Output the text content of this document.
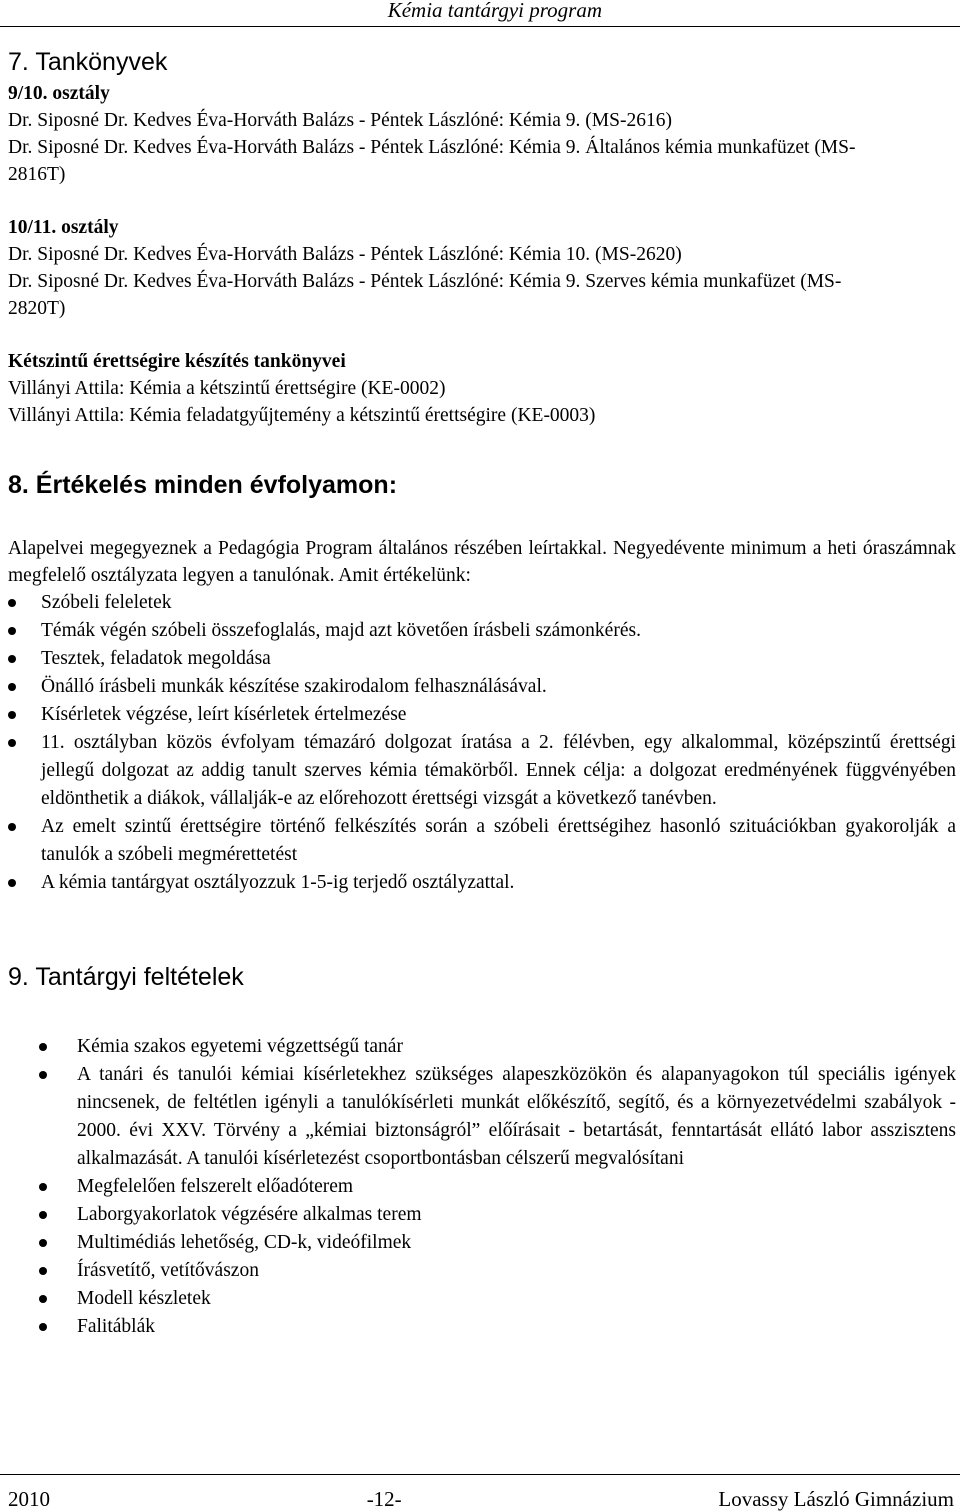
Kémia tantárgyi program
7. Tankönyvek

9/10. osztály

Dr. Siposné Dr. Kedves Éva-Horváth Balázs - Péntek Lászlóné: Kémia 9. (MS-2616)

Dr. Siposné Dr. Kedves Éva-Horváth Balázs - Péntek Lászlóné: Kémia 9. Általános kémia munkafüzet (MS-2816T)

10/11. osztály

Dr. Siposné Dr. Kedves Éva-Horváth Balázs - Péntek Lászlóné: Kémia 10. (MS-2620)

Dr. Siposné Dr. Kedves Éva-Horváth Balázs - Péntek Lászlóné: Kémia 9. Szerves kémia munkafüzet (MS-2820T)

Kétszintű érettségire készítés tankönyvei

Villányi Attila: Kémia a kétszintű érettségire (KE-0002)

Villányi Attila: Kémia feladatgyűjtemény a kétszintű érettségire (KE-0003)

8. Értékelés minden évfolyamon:

Alapelvei megegyeznek a Pedagógia Program általános részében leírtakkal. Negyedévente minimum a heti óraszámnak megfelelő osztályzata legyen a tanulónak. Amit értékelünk:

Szóbeli feleletek
Témák végén szóbeli összefoglalás, majd azt követően írásbeli számonkérés.
Tesztek, feladatok megoldása
Önálló írásbeli munkák készítése szakirodalom felhasználásával.
Kísérletek végzése, leírt kísérletek értelmezése
11. osztályban közös évfolyam témazáró dolgozat íratása a 2. félévben, egy alkalommal, középszintű érettségi jellegű dolgozat az addig tanult szerves kémia témakörből. Ennek célja: a dolgozat eredményének függvényében eldönthetik a diákok, vállalják-e az előrehozott érettségi vizsgát a következő tanévben.
Az emelt szintű érettségire történő felkészítés során a szóbeli érettségihez hasonló szituációkban gyakorolják a tanulók a szóbeli megmérettetést
A kémia tantárgyat osztályozzuk 1-5-ig terjedő osztályzattal.
9. Tantárgyi feltételek
Kémia szakos egyetemi végzettségű tanár
A tanári és tanulói kémiai kísérletekhez szükséges alapeszközökön és alapanyagokon túl speciális igények nincsenek, de feltétlen igényli a tanulókísérleti munkát előkészítő, segítő, és a környezetvédelmi szabályok - 2000. évi XXV. Törvény a „kémiai biztonságról” előírásait - betartását, fenntartását ellátó labor asszisztens alkalmazását. A tanulói kísérletezést csoportbontásban célszerű megvalósítani
Megfelelően felszerelt előadóterem
Laborgyakorlatok végzésére alkalmas terem
Multimédiás lehetőség, CD-k, videófilmek
Írásvetítő, vetítővászon
Modell készletek
Falitáblák
2010	-12-	Lovassy László Gimnázium
